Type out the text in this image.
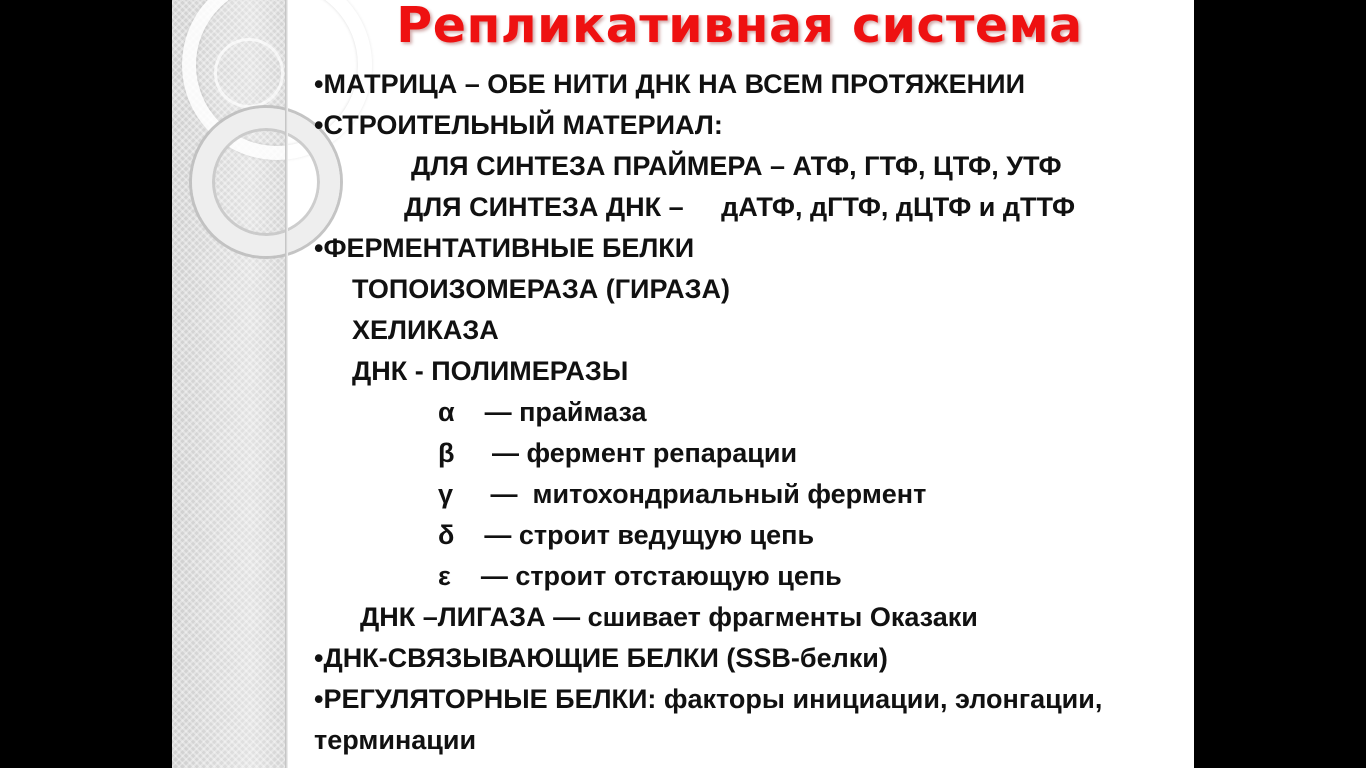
Репликативная система
•МАТРИЦА – ОБЕ НИТИ ДНК НА ВСЕМ ПРОТЯЖЕНИИ
•СТРОИТЕЛЬНЫЙ МАТЕРИАЛ:
ДЛЯ СИНТЕЗА ПРАЙМЕРА – АТФ, ГТФ, ЦТФ, УТФ
ДЛЯ СИНТЕЗА ДНК –     дАТФ, дГТФ, дЦТФ и дТТФ
•ФЕРМЕНТАТИВНЫЕ БЕЛКИ
ТОПОИЗОМЕРАЗА (ГИРАЗА)
ХЕЛИКАЗА
ДНК - ПОЛИМЕРАЗЫ
α    — праймаза
β     — фермент репарации
γ     —  митохондриальный фермент
δ    — строит ведущую цепь
ε    — строит отстающую цепь
ДНК –ЛИГАЗА — сшивает фрагменты Оказаки
•ДНК-СВЯЗЫВАЮЩИЕ БЕЛКИ (SSB-белки)
•РЕГУЛЯТОРНЫЕ БЕЛКИ: факторы инициации, элонгации,
терминации
